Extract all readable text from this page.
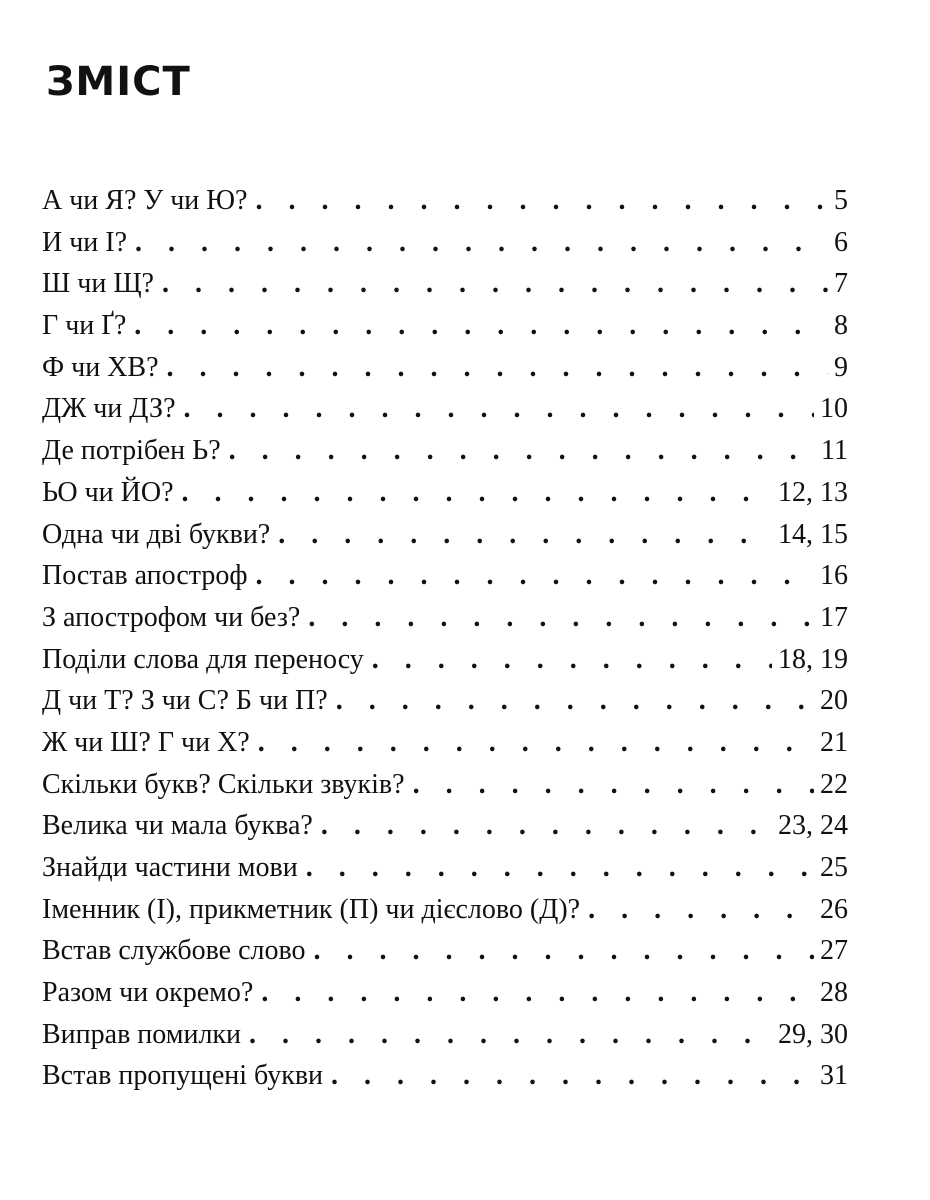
ЗМІСТ
А чи Я? У чи Ю? . . .	5
И чи І? . . .	6
Ш чи Щ? . . .	7
Г чи Ґ? . . .	8
Ф чи ХВ? . . .	9
ДЖ чи ДЗ? . . .	10
Де потрібен Ь? . . .	11
ЬО чи ЙО? . . .	12, 13
Одна чи дві букви? . . .	14, 15
Постав апостроф . . .	16
З апострофом чи без? . . .	17
Поділи слова для переносу . . .	18, 19
Д чи Т? З чи С? Б чи П? . . .	20
Ж чи Ш? Г чи Х? . . .	21
Скільки букв? Скільки звуків? . . .	22
Велика чи мала буква? . . .	23, 24
Знайди частини мови . . .	25
Іменник (І), прикметник (П) чи дієслово (Д)? . . .	26
Встав службове слово . . .	27
Разом чи окремо? . . .	28
Виправ помилки . . .	29, 30
Встав пропущені букви . . .	31
